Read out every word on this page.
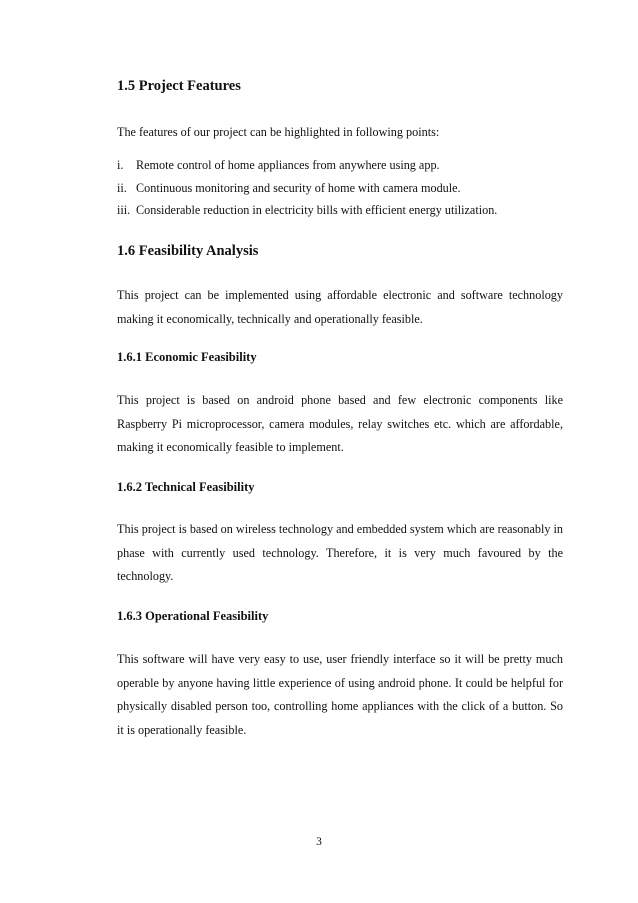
1.5 Project Features

The features of our project can be highlighted in following points:

i.	Remote control of home appliances from anywhere using app.
ii. Continuous monitoring and security of home with camera module.
iii. Considerable reduction in electricity bills with efficient energy utilization.
1.6 Feasibility Analysis

This project can be implemented using affordable electronic and software technology making it economically, technically and operationally feasible.

1.6.1 Economic Feasibility

This project is based on android phone based and few electronic components like Raspberry Pi microprocessor, camera modules, relay switches etc. which are affordable, making it economically feasible to implement.

1.6.2 Technical Feasibility

This project is based on wireless technology and embedded system which are reasonably in phase with currently used technology. Therefore, it is very much favoured by the technology.

1.6.3 Operational Feasibility

This software will have very easy to use, user friendly interface so it will be pretty much operable by anyone having little experience of using android phone. It could be helpful for physically disabled person too, controlling home appliances with the click of a button. So it is operationally feasible.

3
